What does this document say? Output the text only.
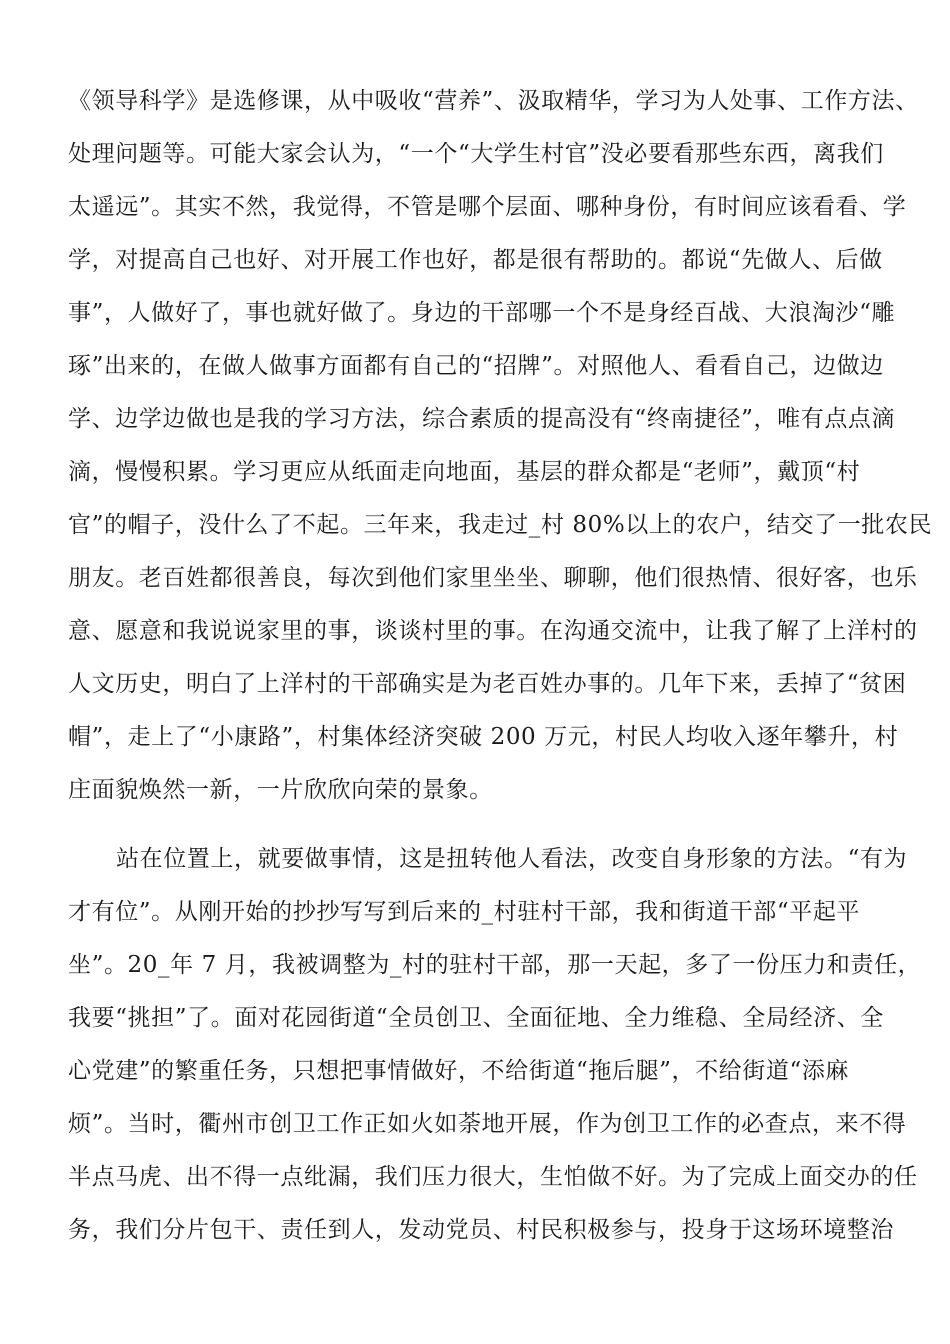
《领导科学》是选修课，从中吸收“营养”、汲取精华，学习为人处事、工作方法、
处理问题等。可能大家会认为，“一个“大学生村官”没必要看那些东西，离我们
太遥远”。其实不然，我觉得，不管是哪个层面、哪种身份，有时间应该看看、学
学，对提高自己也好、对开展工作也好，都是很有帮助的。都说“先做人、后做
事”，人做好了，事也就好做了。身边的干部哪一个不是身经百战、大浪淘沙“雕
琢”出来的，在做人做事方面都有自己的“招牌”。对照他人、看看自己，边做边
学、边学边做也是我的学习方法，综合素质的提高没有“终南捷径”，唯有点点滴
滴，慢慢积累。学习更应从纸面走向地面，基层的群众都是“老师”，戴顶“村
官”的帽子，没什么了不起。三年来，我走过_村 80%以上的农户，结交了一批农民
朋友。老百姓都很善良，每次到他们家里坐坐、聊聊，他们很热情、很好客，也乐
意、愿意和我说说家里的事，谈谈村里的事。在沟通交流中，让我了解了上洋村的
人文历史，明白了上洋村的干部确实是为老百姓办事的。几年下来，丢掉了“贫困
帽”，走上了“小康路”，村集体经济突破 200 万元，村民人均收入逐年攀升，村
庄面貌焕然一新，一片欣欣向荣的景象。
站在位置上，就要做事情，这是扭转他人看法，改变自身形象的方法。“有为
才有位”。从刚开始的抄抄写写到后来的_村驻村干部，我和街道干部“平起平
坐”。20_年 7 月，我被调整为_村的驻村干部，那一天起，多了一份压力和责任，
我要“挑担”了。面对花园街道“全员创卫、全面征地、全力维稳、全局经济、全
心党建”的繁重任务，只想把事情做好，不给街道“拖后腿”，不给街道“添麻
烦”。当时，衢州市创卫工作正如火如荼地开展，作为创卫工作的必查点，来不得
半点马虎、出不得一点纰漏，我们压力很大，生怕做不好。为了完成上面交办的任
务，我们分片包干、责任到人，发动党员、村民积极参与，投身于这场环境整治
